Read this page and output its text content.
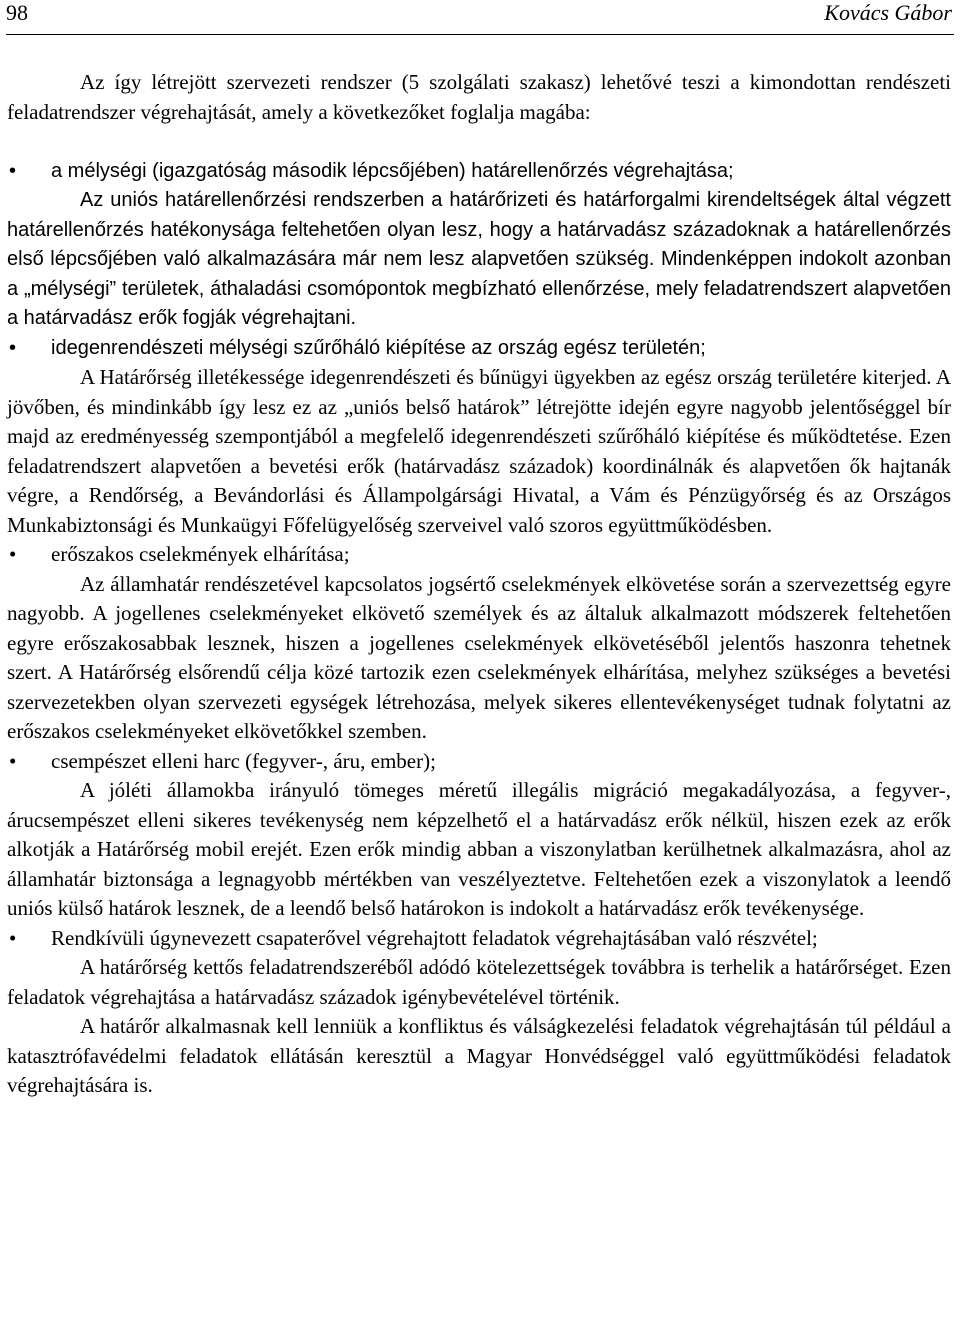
98	Kovács Gábor

Az így létrejött szervezeti rendszer (5 szolgálati szakasz) lehetővé teszi a kimondottan rendészeti feladatrendszer végrehajtását, amely a következőket foglalja magába:

•	a mélységi (igazgatóság második lépcsőjében) határellenőrzés végrehajtása;

Az uniós határellenőrzési rendszerben a határőrizeti és határforgalmi kirendeltségek által végzett határellenőrzés hatékonysága feltehetően olyan lesz, hogy a határvadász századoknak a határellenőrzés első lépcsőjében való alkalmazására már nem lesz alapvetően szükség. Mindenképpen indokolt azonban a „mélységi” területek, áthaladási csomópontok megbízható ellenőrzése, mely feladatrendszert alapvetően a határvadász erők fogják végrehajtani.

•	idegenrendészeti mélységi szűrőháló kiépítése az ország egész területén;

A Határőrség illetékessége idegenrendészeti és bűnügyi ügyekben az egész ország területére kiterjed. A jövőben, és mindinkább így lesz ez az „uniós belső határok” létrejötte idején egyre nagyobb jelentőséggel bír majd az eredményesség szempontjából a megfelelő idegenrendészeti szűrőháló kiépítése és működtetése. Ezen feladatrendszert alapvetően a bevetési erők (határvadász századok) koordinálnák és alapvetően ők hajtanák végre, a Rendőrség, a Bevándorlási és Állampolgársági Hivatal, a Vám és Pénzügyőrség és az Országos Munkabiztonsági és Munkaügyi Főfelügyelőség szerveivel való szoros együttműködésben.

•	erőszakos cselekmények elhárítása;

Az államhatár rendészetével kapcsolatos jogsértő cselekmények elkövetése során a szervezettség egyre nagyobb. A jogellenes cselekményeket elkövető személyek és az általuk alkalmazott módszerek feltehetően egyre erőszakosabbak lesznek, hiszen a jogellenes cselekmények elkövetéséből jelentős haszonra tehetnek szert. A Határőrség elsőrendű célja közé tartozik ezen cselekmények elhárítása, melyhez szükséges a bevetési szervezetekben olyan szervezeti egységek létrehozása, melyek sikeres ellentevékenységet tudnak folytatni az erőszakos cselekményeket elkövetőkkel szemben.

•	csempészet elleni harc (fegyver-, áru, ember);

A jóléti államokba irányuló tömeges méretű illegális migráció megakadályozása, a fegyver-, árucsempészet elleni sikeres tevékenység nem képzelhető el a határvadász erők nélkül, hiszen ezek az erők alkotják a Határőrség mobil erejét. Ezen erők mindig abban a viszonylatban kerülhetnek alkalmazásra, ahol az államhatár biztonsága a legnagyobb mértékben van veszélyeztetve. Feltehetően ezek a viszonylatok a leendő uniós külső határok lesznek, de a leendő belső határokon is indokolt a határvadász erők tevékenysége.

•	Rendkívüli úgynevezett csapaterővel végrehajtott feladatok végrehajtásában való részvétel;

A határőrség kettős feladatrendszeréből adódó kötelezettségek továbbra is terhelik a határőrséget. Ezen feladatok végrehajtása a határvadász századok igénybevételével történik.

A határőr alkalmasnak kell lenniük a konfliktus és válságkezelési feladatok végrehajtásán túl például a katasztrófavédelmi feladatok ellátásán keresztül a Magyar Honvédséggel való együttműködési feladatok végrehajtására is.
